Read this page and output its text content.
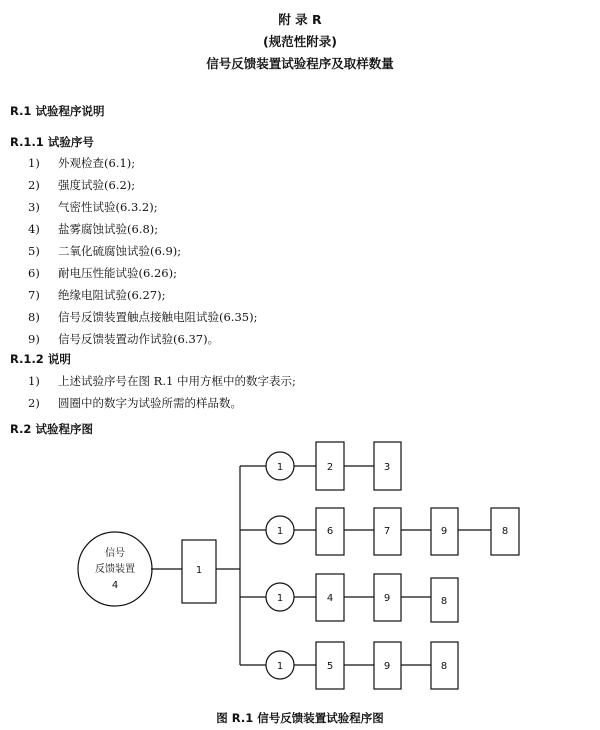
附 录 R
(规范性附录)
信号反馈装置试验程序及取样数量
R.1 试验程序说明
R.1.1 试验序号
1) 外观检查(6.1);
2) 强度试验(6.2);
3) 气密性试验(6.3.2);
4) 盐雾腐蚀试验(6.8);
5) 二氧化硫腐蚀试验(6.9);
6) 耐电压性能试验(6.26);
7) 绝缘电阻试验(6.27);
8) 信号反馈装置触点接触电阻试验(6.35);
9) 信号反馈装置动作试验(6.37)。
R.1.2 说明
1) 上述试验序号在图 R.1 中用方框中的数字表示;
2) 圆圈中的数字为试验所需的样品数。
R.2 试验程序图
信号
反馈装置
4
1
1
1
1
1
2	3
6	7	9	8
4	9	8
5	9	8
图 R.1 信号反馈装置试验程序图
